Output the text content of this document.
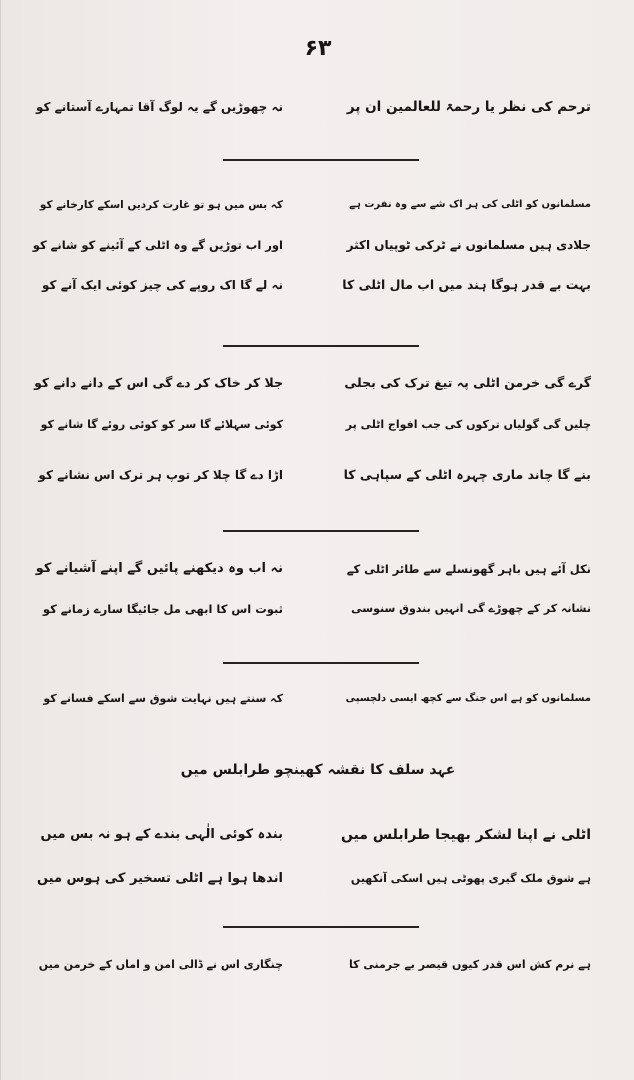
۶۳
ترحم کی نظر یا رحمۃ للعالمین ان پر
نہ چھوڑیں گے یہ لوگ آقا تمہارے آستانے کو
مسلمانوں کو اٹلی کی ہر اک شے سے وہ نفرت ہے
کہ بس میں ہو تو غارت کردیں اسکے کارخانے کو
جلادی ہیں مسلمانوں نے ٹرکی ٹوپیاں اکثر
اور اب توڑیں گے وہ اٹلی کے آئینے کو شانے کو
بہت بے قدر ہوگا ہند میں اب مال اٹلی کا
نہ لے گا اک روپے کی چیز کوئی ایک آنے کو
گرے گی خرمن اٹلی پہ تیغ ترک کی بجلی
جلا کر خاک کر دے گی اس کے دانے دانے کو
چلیں گی گولیاں ترکوں کی جب افواج اٹلی پر
کوئی سہلائے گا سر کو کوئی روئے گا شانے کو
بنے گا چاند ماری چہرہ اٹلی کے سپاہی کا
اڑا دے گا چلا کر توپ ہر ترک اس نشانے کو
نکل آئے ہیں باہر گھونسلے سے طائر اٹلی کے
نہ اب وہ دیکھنے پائیں گے اپنے آشیانے کو
نشانہ کر کے چھوڑے گی انہیں بندوق سنوسی
ثبوت اس کا ابھی مل جائیگا سارے زمانے کو
مسلمانوں کو ہے اس جنگ سے کچھ ایسی دلچسپی
کہ سنتے ہیں نہایت شوق سے اسکے فسانے کو
عہد سلف کا نقشہ کھینچو طرابلس میں
اٹلی نے اپنا لشکر بھیجا طرابلس میں
بندہ کوئی الٰہی بندے کے ہو نہ بس میں
ہے شوق ملک گیری پھوٹی ہیں اسکی آنکھیں
اندھا ہوا ہے اٹلی تسخیر کی ہوس میں
ہے نرم کش اس قدر کیوں قیصر بے جرمنی کا
چنگاری اس نے ڈالی امن و اماں کے خرمن میں
